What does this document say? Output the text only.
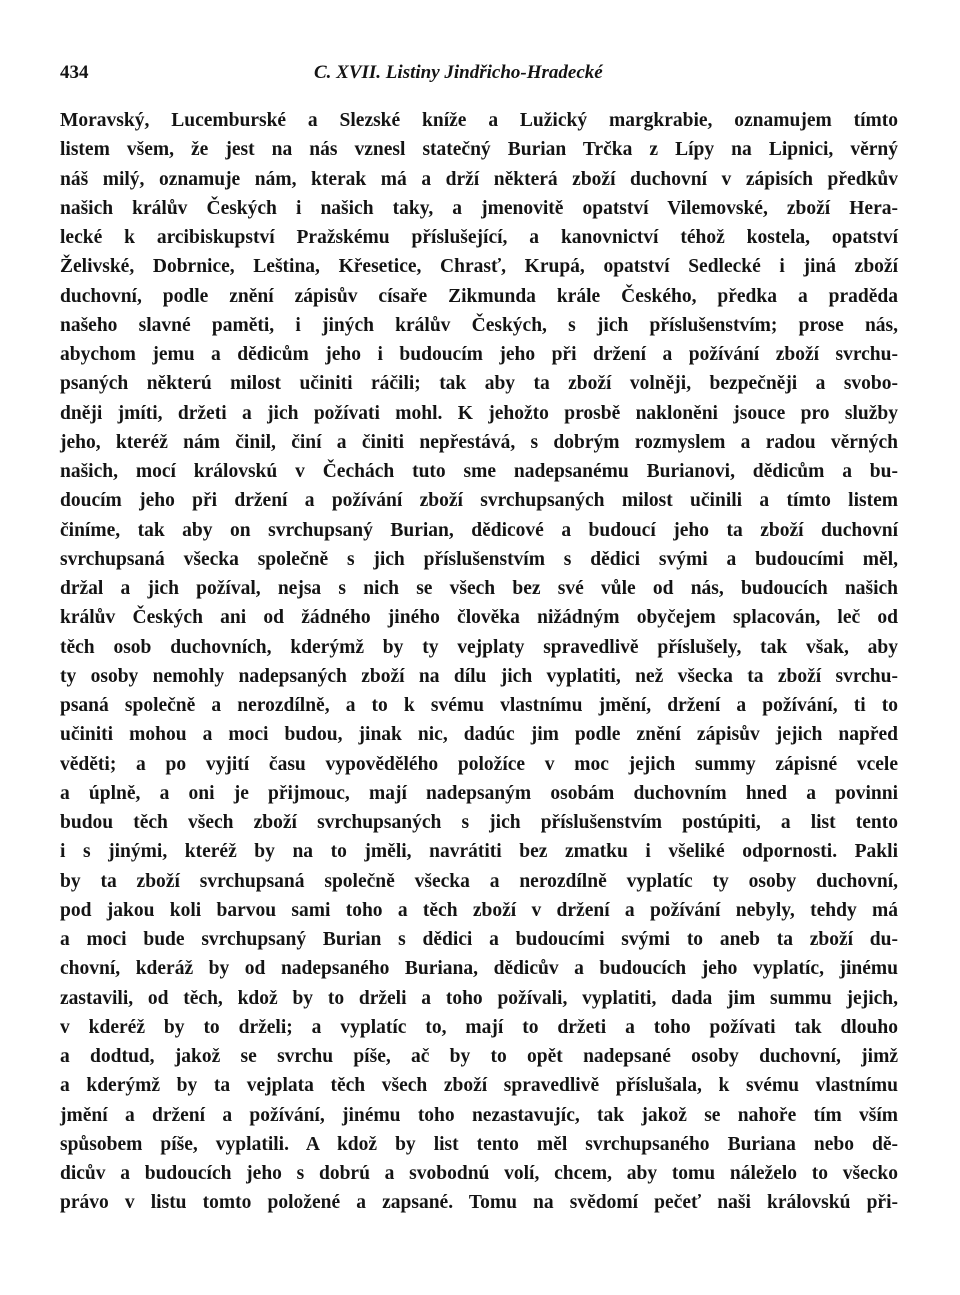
434	C. XVII. Listiny Jindřicho-Hradecké
Moravský, Lucemburské a Slezské kníže a Lužický margkrabie, oznamujem tímto
listem všem, že jest na nás vznesl statečný Burian Trčka z Lípy na Lipnici, věrný
náš milý, oznamuje nám, kterak má a drží některá zboží duchovní v zápisích předkův
našich králův Českých i našich taky, a jmenovitě opatství Vilemovské, zboží Hera-
lecké k arcibiskupství Pražskému příslušející, a kanovnictví téhož kostela, opatství
Želivské, Dobrnice, Leština, Křesetice, Chrasť, Krupá, opatství Sedlecké i jiná zboží
duchovní, podle znění zápisův císaře Zikmunda krále Českého, předka a praděda
našeho slavné paměti, i jiných králův Českých, s jich příslušenstvím; prose nás,
abychom jemu a dědicům jeho i budoucím jeho při držení a požívání zboží svrchu-
psaných některú milost učiniti ráčili; tak aby ta zboží volněji, bezpečněji a svobo-
dněji jmíti, držeti a jich požívati mohl. K jehožto prosbě nakloněni jsouce pro služby
jeho, kteréž nám činil, činí a činiti nepřestává, s dobrým rozmyslem a radou věrných
našich, mocí královskú v Čechách tuto sme nadepsanému Burianovi, dědicům a bu-
doucím jeho při držení a požívání zboží svrchupsaných milost učinili a tímto listem
činíme, tak aby on svrchupsaný Burian, dědicové a budoucí jeho ta zboží duchovní
svrchupsaná všecka společně s jich příslušenstvím s dědici svými a budoucími měl,
držal a jich požíval, nejsa s nich se všech bez své vůle od nás, budoucích našich
králův Českých ani od žádného jiného člověka nižádným obyčejem splacován, leč od
těch osob duchovních, kderýmž by ty vejplaty spravedlivě příslušely, tak však, aby
ty osoby nemohly nadepsaných zboží na dílu jich vyplatiti, než všecka ta zboží svrchu-
psaná společně a nerozdílně, a to k svému vlastnímu jmění, držení a požívání, ti to
učiniti mohou a moci budou, jinak nic, dadúc jim podle znění zápisův jejich napřed
věděti; a po vyjití času vypovědělého položíce v moc jejich summy zápisné vcele
a úplně, a oni je přijmouc, mají nadepsaným osobám duchovním hned a povinni
budou těch všech zboží svrchupsaných s jich příslušenstvím postúpiti, a list tento
i s jinými, kteréž by na to jměli, navrátiti bez zmatku i všeliké odpornosti. Pakli
by ta zboží svrchupsaná společně všecka a nerozdílně vyplatíc ty osoby duchovní,
pod jakou koli barvou sami toho a těch zboží v držení a požívání nebyly, tehdy má
a moci bude svrchupsaný Burian s dědici a budoucími svými to aneb ta zboží du-
chovní, kderáž by od nadepsaného Buriana, dědicův a budoucích jeho vyplatíc, jinému
zastavili, od těch, kdož by to drželi a toho požívali, vyplatiti, dada jim summu jejich,
v kderéž by to drželi; a vyplatíc to, mají to držeti a toho požívati tak dlouho
a dodtud, jakož se svrchu píše, ač by to opět nadepsané osoby duchovní, jimž
a kderýmž by ta vejplata těch všech zboží spravedlivě příslušala, k svému vlastnímu
jmění a držení a požívání, jinému toho nezastavujíc, tak jakož se nahoře tím vším
spůsobem píše, vyplatili. A kdož by list tento měl svrchupsaného Buriana nebo dě-
dicův a budoucích jeho s dobrú a svobodnú volí, chcem, aby tomu náleželo to všecko
právo v listu tomto položené a zapsané. Tomu na svědomí pečeť naši královskú při-
